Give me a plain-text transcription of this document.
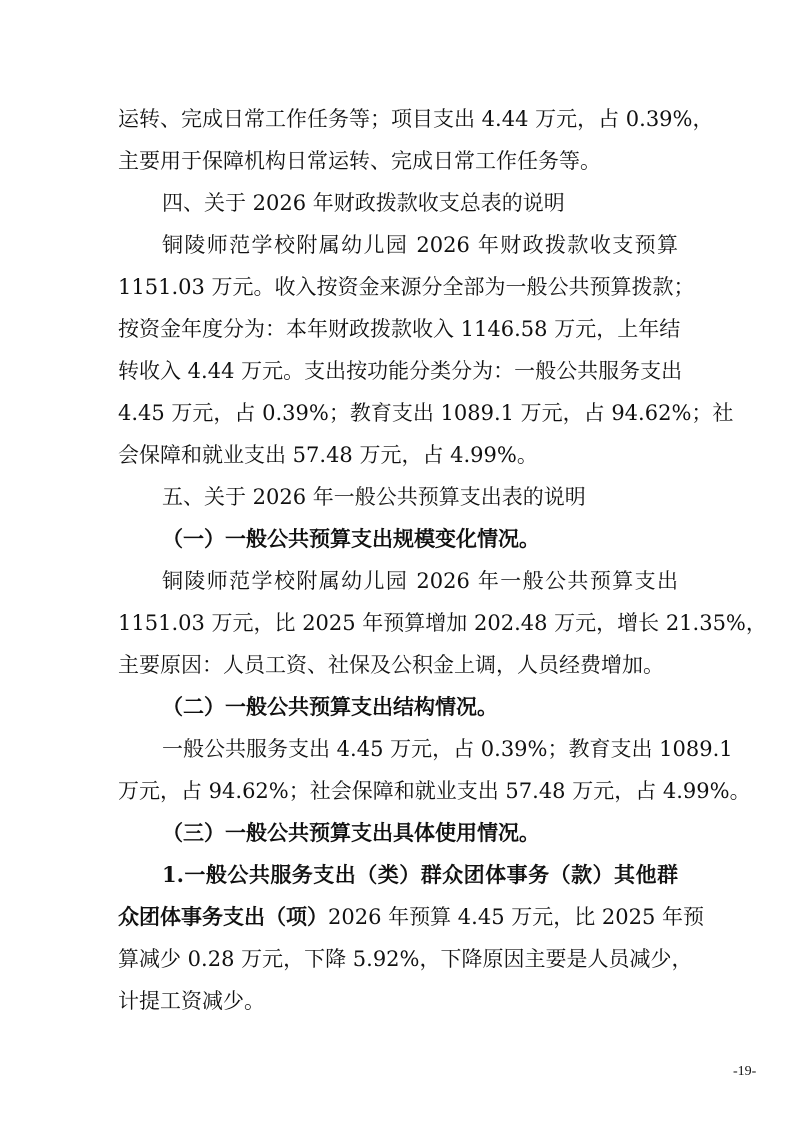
运转、完成日常工作任务等；项目支出 4.44 万元，占 0.39%，
主要用于保障机构日常运转、完成日常工作任务等。
四、关于 2026 年财政拨款收支总表的说明
铜陵师范学校附属幼儿园 2026 年财政拨款收支预算
1151.03 万元。收入按资金来源分全部为一般公共预算拨款；
按资金年度分为：本年财政拨款收入 1146.58 万元，上年结
转收入 4.44 万元。支出按功能分类分为：一般公共服务支出
4.45 万元，占 0.39%；教育支出 1089.1 万元，占 94.62%；社
会保障和就业支出 57.48 万元，占 4.99%。
五、关于 2026 年一般公共预算支出表的说明
（一）一般公共预算支出规模变化情况。
铜陵师范学校附属幼儿园 2026 年一般公共预算支出
1151.03 万元，比 2025 年预算增加 202.48 万元，增长 21.35%，
主要原因：人员工资、社保及公积金上调，人员经费增加。
（二）一般公共预算支出结构情况。
一般公共服务支出 4.45 万元，占 0.39%；教育支出 1089.1
万元，占 94.62%；社会保障和就业支出 57.48 万元，占 4.99%。
（三）一般公共预算支出具体使用情况。
1.一般公共服务支出（类）群众团体事务（款）其他群
众团体事务支出（项）2026 年预算 4.45 万元，比 2025 年预
算减少 0.28 万元，下降 5.92%，下降原因主要是人员减少，
计提工资减少。
-19-
